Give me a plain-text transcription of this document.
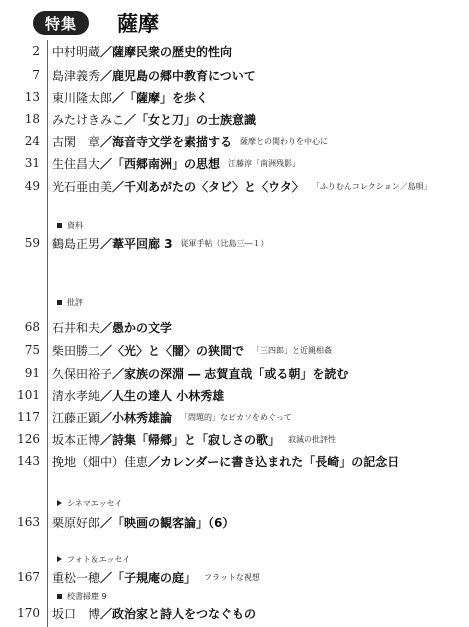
特集	薩摩
2	中村明蔵 ／ 薩摩民衆の歴史的性向
7	島津義秀 ／ 鹿児島の郷中教育について
13	東川隆太郎 ／ 「薩摩」を歩く
18	みたけきみこ ／ 「女と刀」の士族意識
24	古閑　章 ／ 海音寺文学を素描する 薩摩との関わりを中心に
31	生住昌大 ／ 「西郷南洲」の思想 江藤淳「南洲残影」
49	光石亜由美 ／ 千刈あがたの〈タビ〉と〈ウタ〉 「ふりむんコレクション／島唄」
資料
59	鶴島正男 ／ 葦平回廊 3 従軍手帖（比島三―１）
批評
68	石井和夫 ／ 愚かの文学
75	柴田勝二 ／ 〈光〉と〈闇〉の狭間で 「三四郎」と近親相姦
91	久保田裕子 ／ 家族の深淵 ― 志賀直哉「或る朝」を読む
101	清水孝純 ／ 人生の達人 小林秀雄
117	江藤正顕 ／ 小林秀雄論 「問題的」なピカソをめぐって
126	坂本正博 ／ 詩集「帰郷」と「寂しさの歌」 寂滅の批評性
143	挽地（畑中）佳恵 ／ カレンダーに書き込まれた「長崎」の記念日
シネマエッセイ
163	栗原好郎 ／ 「映画の観客論」（6）
フォト＆エッセイ
167	重松一穂 ／ 「子規庵の庭」 フラットな視想
校書掃塵 9
170	坂口　博 ／ 政治家と詩人をつなぐもの
